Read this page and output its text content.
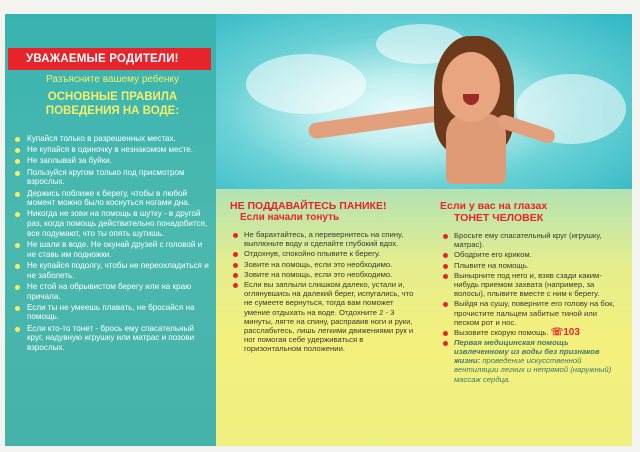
УВАЖАЕМЫЕ РОДИТЕЛИ!
Разъясните вашему ребенку
ОСНОВНЫЕ ПРАВИЛА
ПОВЕДЕНИЯ НА ВОДЕ:
Купайся только в разрешенных местах.
Не купайся в одиночку в незнакомом месте.
Не заплывай за буйки.
Пользуйся кругом только под присмотром взрослых.
Держись поближе к берегу, чтобы в любой момент можно было коснуться ногами дна.
Никогда не зови на помощь в шутку - в другой раз, когда помощь действительно понадобится, все подумают, что ты опять шутишь.
Не шали в воде. Не окунай друзей с головой и не ставь им подножки.
Не купайся подолгу, чтобы не переохладиться и не заболеть.
Не стой на обрывистом берегу или на краю причала.
Если ты не умеешь плавать, не бросайся на помощь.
Если кто-то тонет - брось ему спасательный круг, надувную игрушку или матрас и позови взрослых.
НЕ ПОДДАВАЙТЕСЬ ПАНИКЕ!
Если начали тонуть
Не барахтайтесь, а перевернитесь на спину, выплюньте воду и сделайте глубокий вдох.
Отдохнув, спокойно плывите к берегу.
Зовите на помощь, если это необходимо.
Зовите на помощь, если это необходимо.
Если вы заплыли слишком далеко, устали и, оглянувшись на далекий берег, испугались, что не сумеете вернуться, тогда вам поможет умение отдыхать на воде. Отдохните 2 - 3 минуты, лягте на спину, расправив ноги и руки, расслабьтесь, лишь легкими движениями рук и ног помогая себе удерживаться в горизонтальном положении.
Если у вас на глазах
ТОНЕТ ЧЕЛОВЕК
Бросьте ему спасательный круг (игрушку, матрас).
Ободрите его криком.
Плывите на помощь.
Вынырните под него и, взяв сзади каким-нибудь приемом захвата (например, за волосы), плывите вместе с ним к берегу.
Выйдя на сушу, поверните его голову на бок, прочистите пальцем забитые тиной или песком рот и нос.
Вызовите скорую помощь. ☏103
Первая медицинская помощь извлеченному из воды без признаков жизни: проведение искусственной вентиляции легких и непрямой (наружный) массаж сердца.
